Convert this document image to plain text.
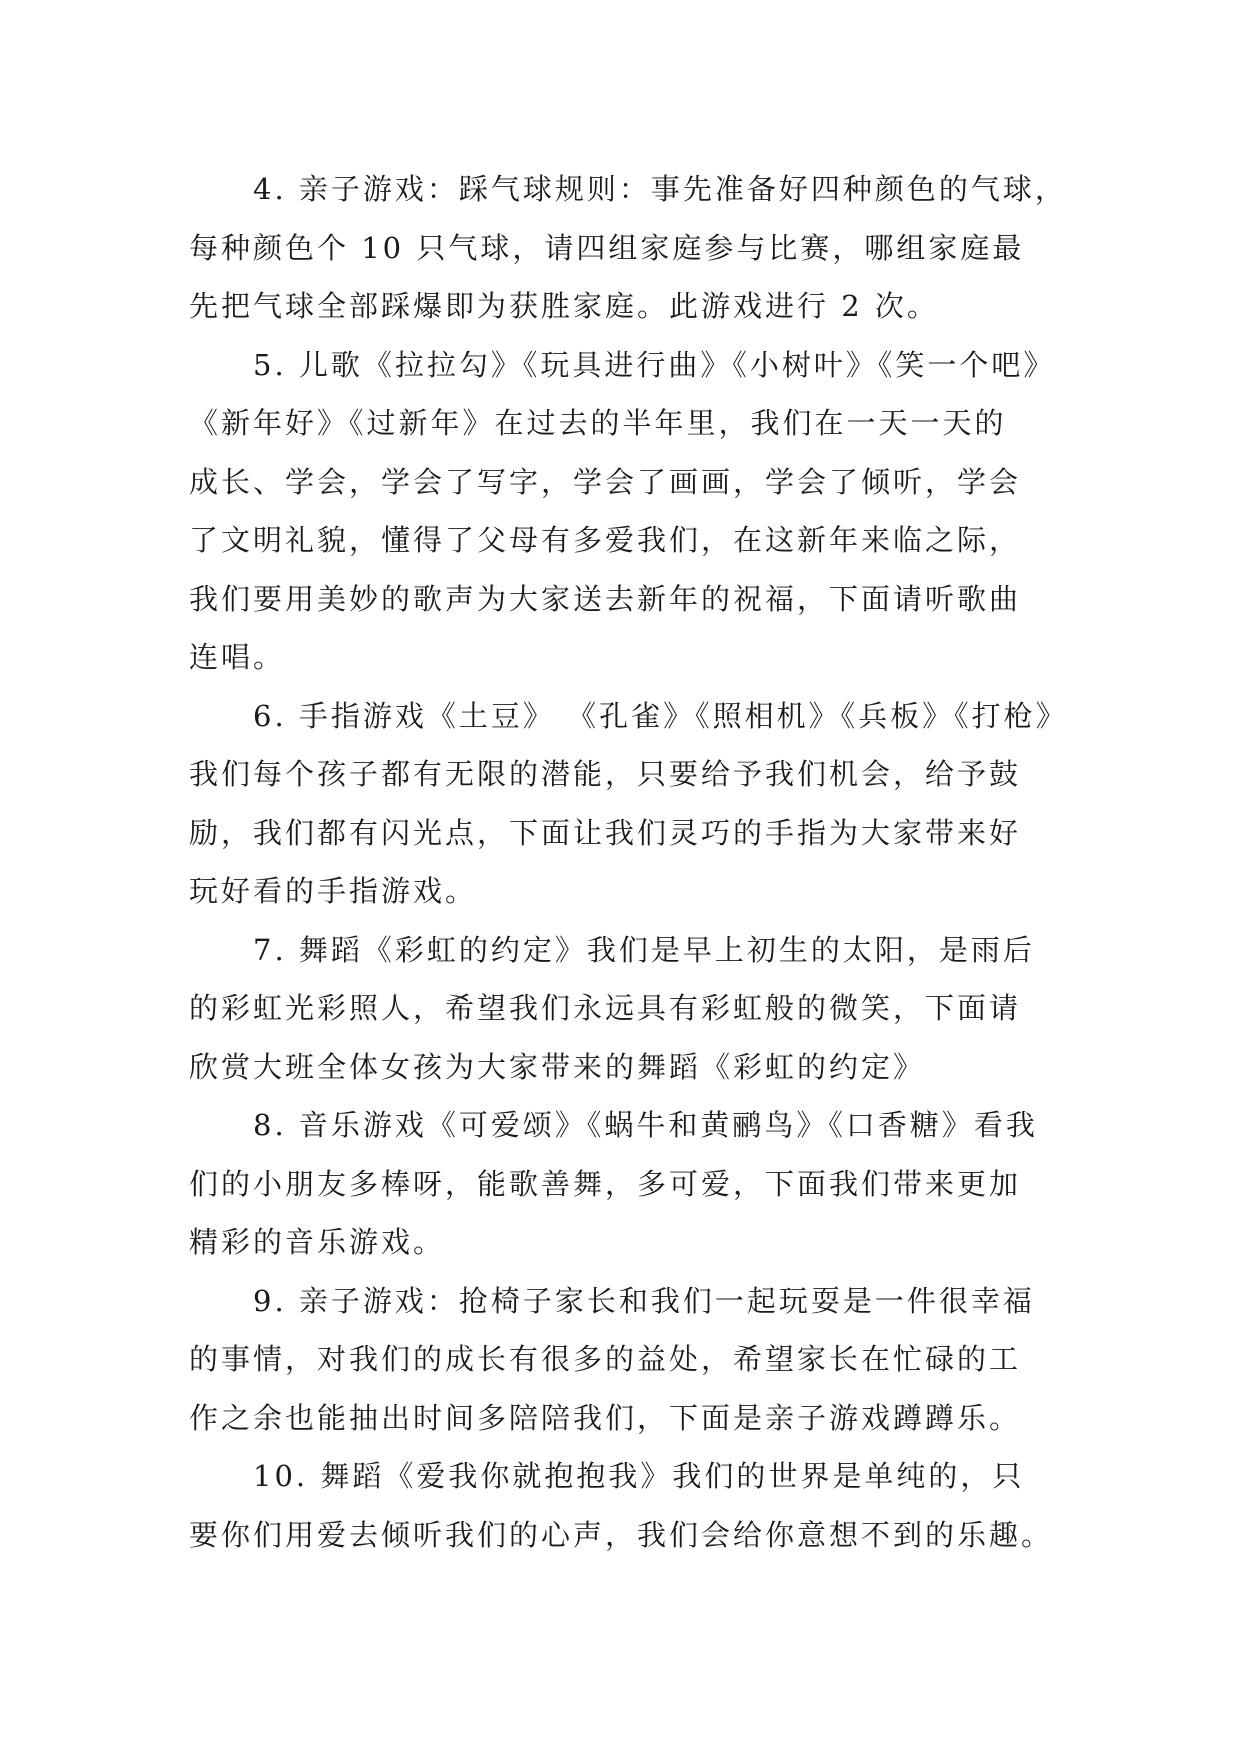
4. 亲子游戏：踩气球规则：事先准备好四种颜色的气球，
每种颜色个 10 只气球，请四组家庭参与比赛，哪组家庭最
先把气球全部踩爆即为获胜家庭。此游戏进行 2 次。
5. 儿歌《拉拉勾》《玩具进行曲》《小树叶》《笑一个吧》
《新年好》《过新年》在过去的半年里，我们在一天一天的
成长、学会，学会了写字，学会了画画，学会了倾听，学会
了文明礼貌，懂得了父母有多爱我们，在这新年来临之际，
我们要用美妙的歌声为大家送去新年的祝福，下面请听歌曲
连唱。
6. 手指游戏《土豆》 《孔雀》《照相机》《兵板》《打枪》
我们每个孩子都有无限的潜能，只要给予我们机会，给予鼓
励，我们都有闪光点，下面让我们灵巧的手指为大家带来好
玩好看的手指游戏。
7. 舞蹈《彩虹的约定》我们是早上初生的太阳，是雨后
的彩虹光彩照人，希望我们永远具有彩虹般的微笑，下面请
欣赏大班全体女孩为大家带来的舞蹈《彩虹的约定》
8. 音乐游戏《可爱颂》《蜗牛和黄鹂鸟》《口香糖》看我
们的小朋友多棒呀，能歌善舞，多可爱，下面我们带来更加
精彩的音乐游戏。
9. 亲子游戏：抢椅子家长和我们一起玩耍是一件很幸福
的事情，对我们的成长有很多的益处，希望家长在忙碌的工
作之余也能抽出时间多陪陪我们，下面是亲子游戏蹲蹲乐。
10. 舞蹈《爱我你就抱抱我》我们的世界是单纯的，只
要你们用爱去倾听我们的心声，我们会给你意想不到的乐趣。
